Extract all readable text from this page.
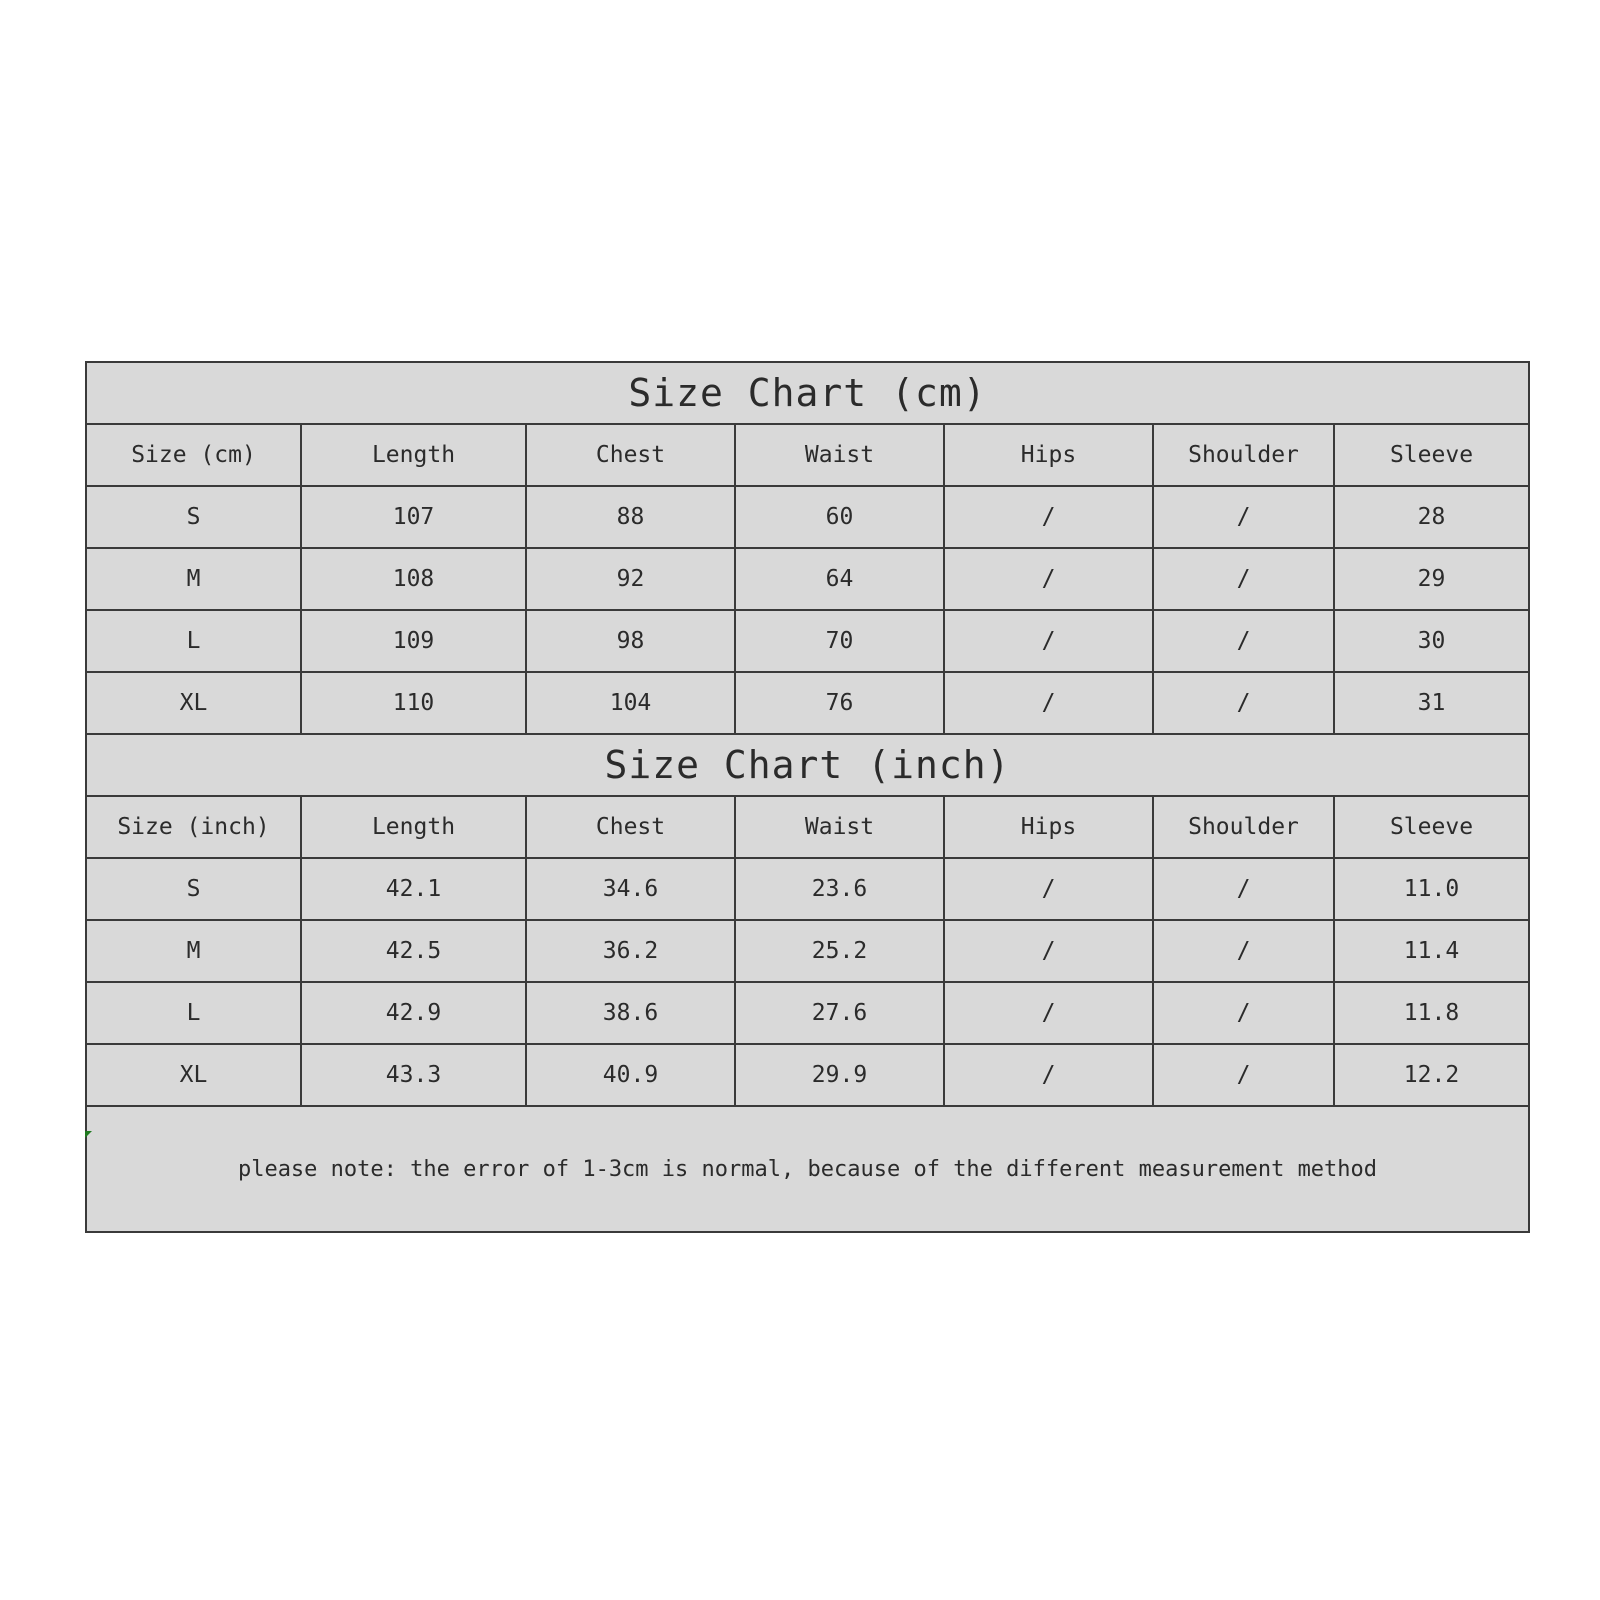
Size Chart (cm)						
Size (cm)	Length	Chest	Waist	Hips	Shoulder	Sleeve
S	107	88	60	/	/	28
M	108	92	64	/	/	29
L	109	98	70	/	/	30
XL	110	104	76	/	/	31
Size Chart (inch)						
Size (inch)	Length	Chest	Waist	Hips	Shoulder	Sleeve
S	42.1	34.6	23.6	/	/	11.0
M	42.5	36.2	25.2	/	/	11.4
L	42.9	38.6	27.6	/	/	11.8
XL	43.3	40.9	29.9	/	/	12.2
please note: the error of 1-3cm is normal, because of the different measurement method						
